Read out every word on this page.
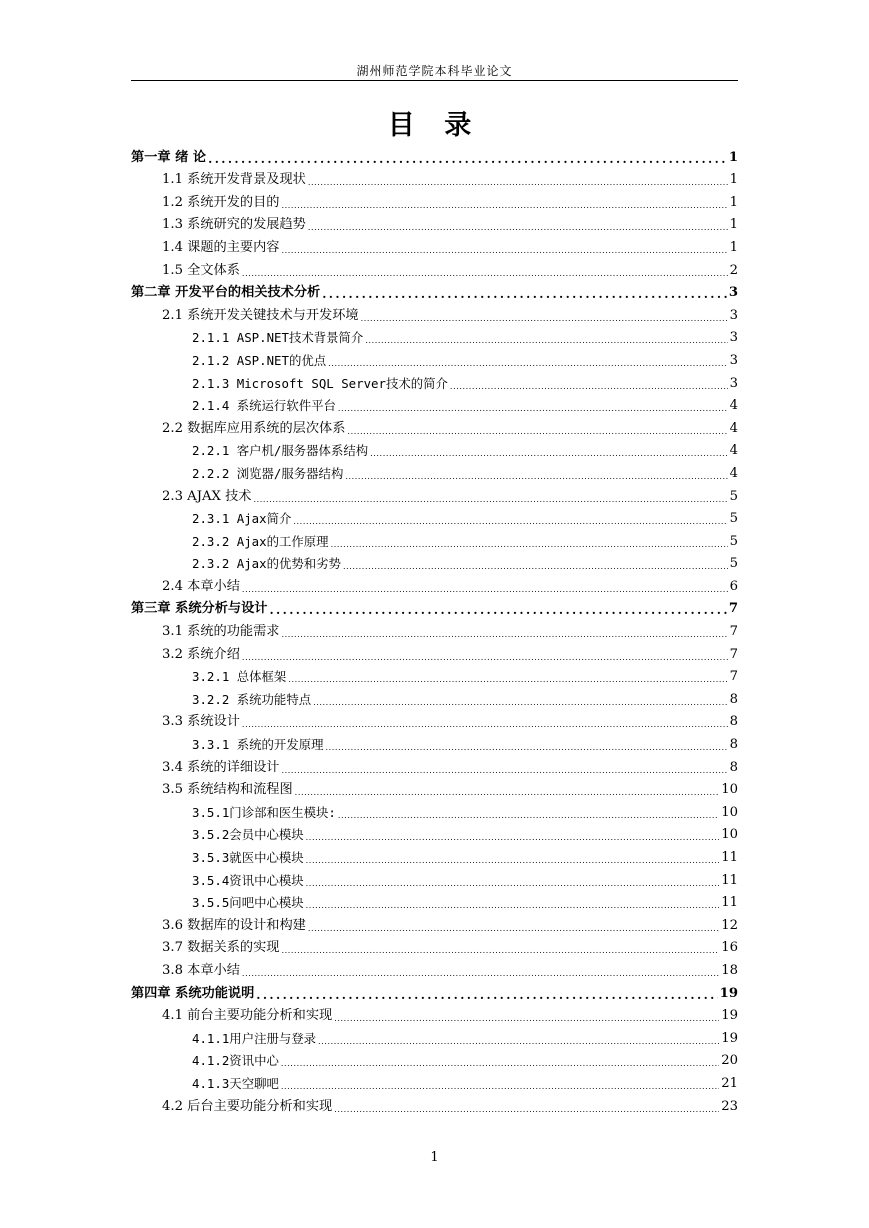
湖州师范学院本科毕业论文
目 录
第一章 绪 论 .....	1
1.1 系统开发背景及现状 .....	1
1.2 系统开发的目的 .....	1
1.3 系统研究的发展趋势 .....	1
1.4 课题的主要内容 .....	1
1.5 全文体系 .....	2
第二章 开发平台的相关技术分析 .....	3
2.1 系统开发关键技术与开发环境 .....	3
2.1.1 ASP.NET技术背景简介 .....	3
2.1.2 ASP.NET的优点 .....	3
2.1.3 Microsoft SQL Server技术的简介 .....	3
2.1.4 系统运行软件平台 .....	4
2.2 数据库应用系统的层次体系 .....	4
2.2.1 客户机/服务器体系结构 .....	4
2.2.2 浏览器/服务器结构 .....	4
2.3 AJAX 技术 .....	5
2.3.1 Ajax简介 .....	5
2.3.2 Ajax的工作原理 .....	5
2.3.2 Ajax的优势和劣势 .....	5
2.4 本章小结 .....	6
第三章 系统分析与设计 .....	7
3.1 系统的功能需求 .....	7
3.2 系统介绍 .....	7
3.2.1 总体框架 .....	7
3.2.2 系统功能特点 .....	8
3.3 系统设计 .....	8
3.3.1 系统的开发原理 .....	8
3.4 系统的详细设计 .....	8
3.5 系统结构和流程图 .....	10
3.5.1门诊部和医生模块: .....	10
3.5.2会员中心模块 .....	10
3.5.3就医中心模块 .....	11
3.5.4资讯中心模块 .....	11
3.5.5问吧中心模块 .....	11
3.6 数据库的设计和构建 .....	12
3.7 数据关系的实现 .....	16
3.8 本章小结 .....	18
第四章 系统功能说明 .....	19
4.1 前台主要功能分析和实现 .....	19
4.1.1用户注册与登录 .....	19
4.1.2资讯中心 .....	20
4.1.3天空聊吧 .....	21
4.2 后台主要功能分析和实现 .....	23
1
